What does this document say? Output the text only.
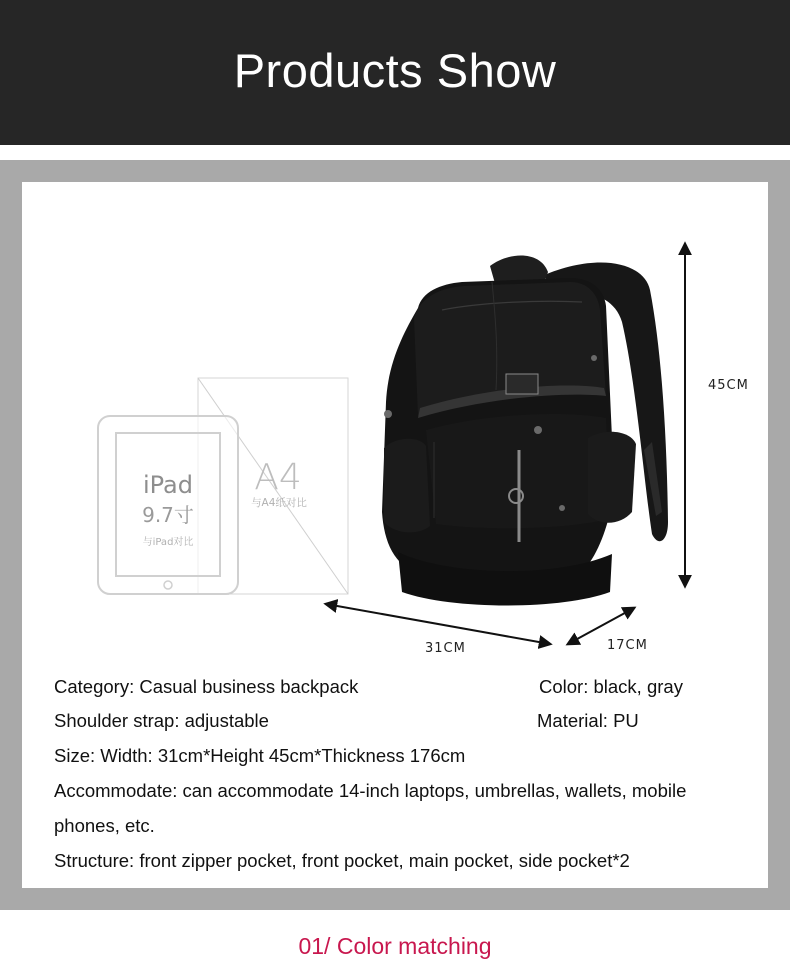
Products Show
iPad
9.7寸
与iPad对比
A4
与A4纸对比
45CM
31CM	17CM
Category: Casual business backpack	Color: black, gray
Shoulder strap: adjustable	Material: PU
Size: Width: 31cm*Height 45cm*Thickness 176cm
Accommodate: can accommodate 14-inch laptops, umbrellas, wallets, mobile
phones, etc.
Structure: front zipper pocket, front pocket, main pocket, side pocket*2
01/ Color matching
